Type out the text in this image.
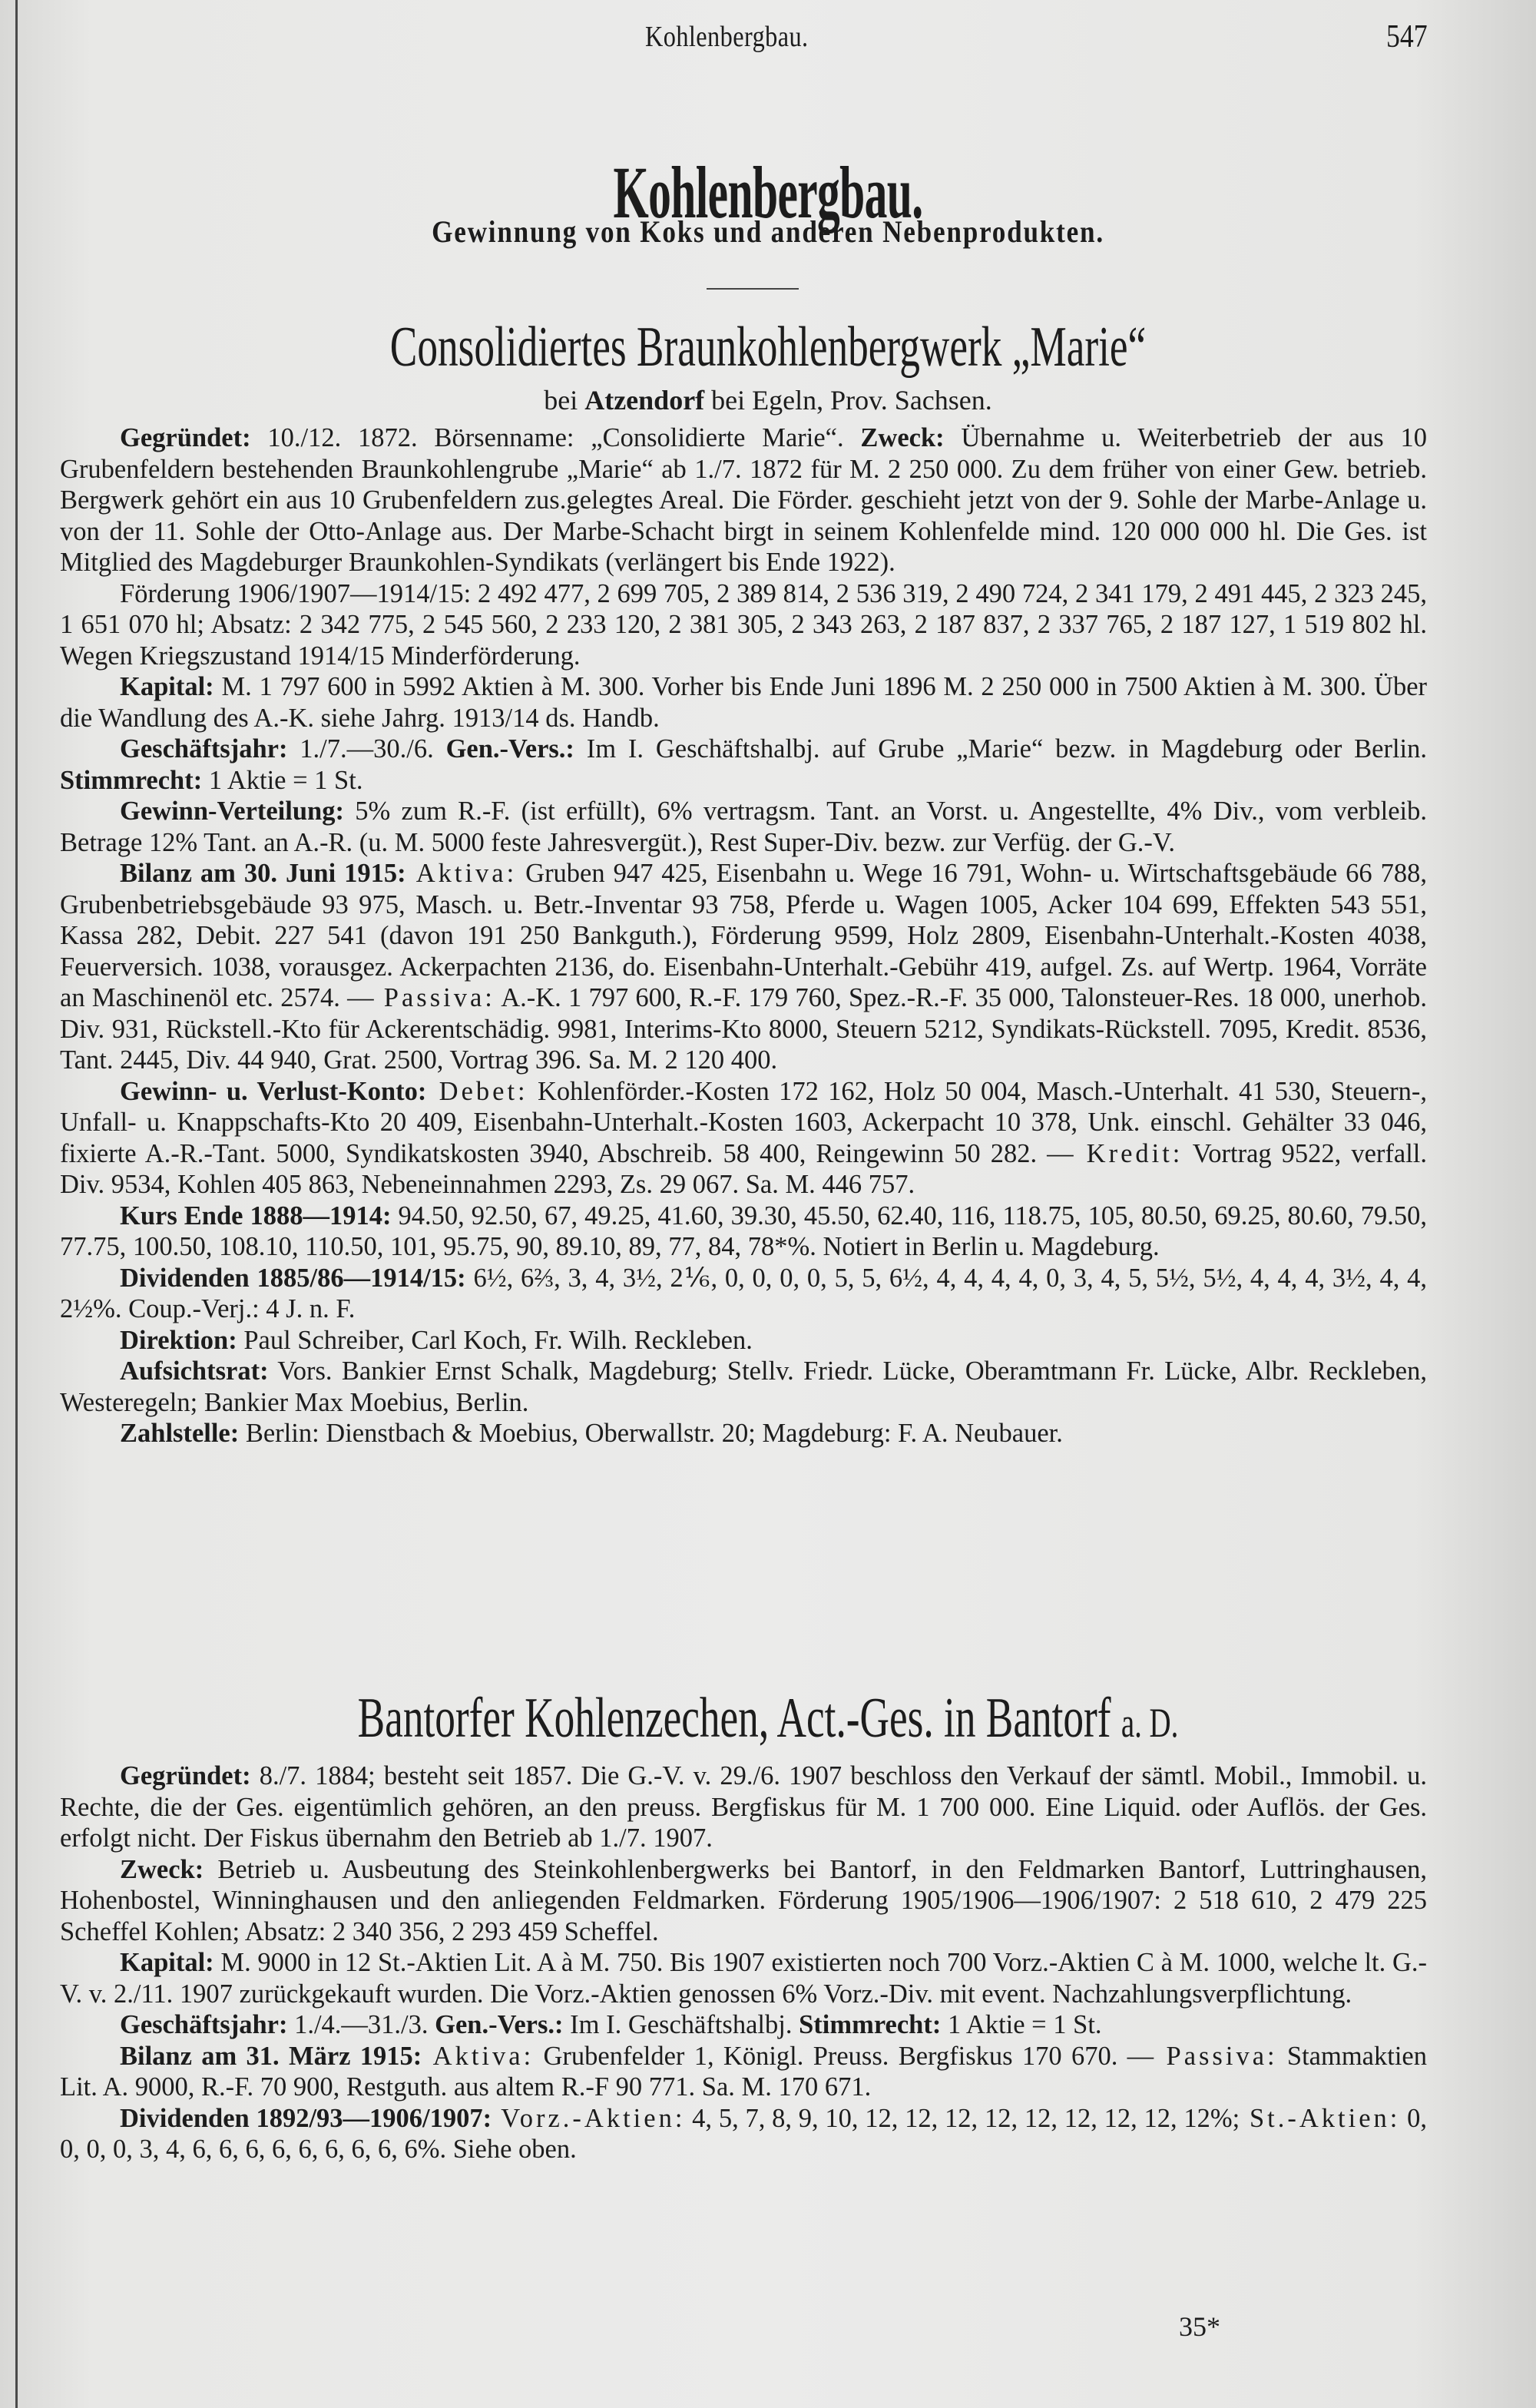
Kohlenbergbau.	547
Kohlenbergbau.
Gewinnung von Koks und anderen Nebenprodukten.
Consolidiertes Braunkohlenbergwerk „Marie“
bei Atzendorf bei Egeln, Prov. Sachsen.

Gegründet: 10./12. 1872. Börsenname: „Consolidierte Marie“. Zweck: Übernahme u. Weiterbetrieb der aus 10 Grubenfeldern bestehenden Braunkohlengrube „Marie“ ab 1./7. 1872 für M. 2 250 000. Zu dem früher von einer Gew. betrieb. Bergwerk gehört ein aus 10 Grubenfeldern zus.gelegtes Areal. Die Förder. geschieht jetzt von der 9. Sohle der Marbe-Anlage u. von der 11. Sohle der Otto-Anlage aus. Der Marbe-Schacht birgt in seinem Kohlenfelde mind. 120 000 000 hl. Die Ges. ist Mitglied des Magdeburger Braunkohlen-Syndikats (verlängert bis Ende 1922).

Förderung 1906/1907—1914/15: 2 492 477, 2 699 705, 2 389 814, 2 536 319, 2 490 724, 2 341 179, 2 491 445, 2 323 245, 1 651 070 hl; Absatz: 2 342 775, 2 545 560, 2 233 120, 2 381 305, 2 343 263, 2 187 837, 2 337 765, 2 187 127, 1 519 802 hl. Wegen Kriegszustand 1914/15 Minderförderung.

Kapital: M. 1 797 600 in 5992 Aktien à M. 300. Vorher bis Ende Juni 1896 M. 2 250 000 in 7500 Aktien à M. 300. Über die Wandlung des A.-K. siehe Jahrg. 1913/14 ds. Handb.

Geschäftsjahr: 1./7.—30./6. Gen.-Vers.: Im I. Geschäftshalbj. auf Grube „Marie“ bezw. in Magdeburg oder Berlin. Stimmrecht: 1 Aktie = 1 St.

Gewinn-Verteilung: 5% zum R.-F. (ist erfüllt), 6% vertragsm. Tant. an Vorst. u. Angestellte, 4% Div., vom verbleib. Betrage 12% Tant. an A.-R. (u. M. 5000 feste Jahresvergüt.), Rest Super-Div. bezw. zur Verfüg. der G.-V.

Bilanz am 30. Juni 1915: Aktiva: Gruben 947 425, Eisenbahn u. Wege 16 791, Wohn- u. Wirtschaftsgebäude 66 788, Grubenbetriebsgebäude 93 975, Masch. u. Betr.-Inventar 93 758, Pferde u. Wagen 1005, Acker 104 699, Effekten 543 551, Kassa 282, Debit. 227 541 (davon 191 250 Bankguth.), Förderung 9599, Holz 2809, Eisenbahn-Unterhalt.-Kosten 4038, Feuerversich. 1038, vorausgez. Ackerpachten 2136, do. Eisenbahn-Unterhalt.-Gebühr 419, aufgel. Zs. auf Wertp. 1964, Vorräte an Maschinenöl etc. 2574. — Passiva: A.-K. 1 797 600, R.-F. 179 760, Spez.-R.-F. 35 000, Talonsteuer-Res. 18 000, unerhob. Div. 931, Rückstell.-Kto für Ackerentschädig. 9981, Interims-Kto 8000, Steuern 5212, Syndikats-Rückstell. 7095, Kredit. 8536, Tant. 2445, Div. 44 940, Grat. 2500, Vortrag 396. Sa. M. 2 120 400.

Gewinn- u. Verlust-Konto: Debet: Kohlenförder.-Kosten 172 162, Holz 50 004, Masch.-Unterhalt. 41 530, Steuern-, Unfall- u. Knappschafts-Kto 20 409, Eisenbahn-Unterhalt.-Kosten 1603, Ackerpacht 10 378, Unk. einschl. Gehälter 33 046, fixierte A.-R.-Tant. 5000, Syndikatskosten 3940, Abschreib. 58 400, Reingewinn 50 282. — Kredit: Vortrag 9522, verfall. Div. 9534, Kohlen 405 863, Nebeneinnahmen 2293, Zs. 29 067. Sa. M. 446 757.

Kurs Ende 1888—1914: 94.50, 92.50, 67, 49.25, 41.60, 39.30, 45.50, 62.40, 116, 118.75, 105, 80.50, 69.25, 80.60, 79.50, 77.75, 100.50, 108.10, 110.50, 101, 95.75, 90, 89.10, 89, 77, 84, 78*%. Notiert in Berlin u. Magdeburg.

Dividenden 1885/86—1914/15: 6½, 6⅔, 3, 4, 3½, 2⅙, 0, 0, 0, 0, 5, 5, 6½, 4, 4, 4, 4, 0, 3, 4, 5, 5½, 5½, 4, 4, 4, 3½, 4, 4, 2½%. Coup.-Verj.: 4 J. n. F.

Direktion: Paul Schreiber, Carl Koch, Fr. Wilh. Reckleben.

Aufsichtsrat: Vors. Bankier Ernst Schalk, Magdeburg; Stellv. Friedr. Lücke, Oberamtmann Fr. Lücke, Albr. Reckleben, Westeregeln; Bankier Max Moebius, Berlin.

Zahlstelle: Berlin: Dienstbach & Moebius, Oberwallstr. 20; Magdeburg: F. A. Neubauer.

Bantorfer Kohlenzechen, Act.-Ges. in Bantorf a. D.

Gegründet: 8./7. 1884; besteht seit 1857. Die G.-V. v. 29./6. 1907 beschloss den Verkauf der sämtl. Mobil., Immobil. u. Rechte, die der Ges. eigentümlich gehören, an den preuss. Bergfiskus für M. 1 700 000. Eine Liquid. oder Auflös. der Ges. erfolgt nicht. Der Fiskus übernahm den Betrieb ab 1./7. 1907.

Zweck: Betrieb u. Ausbeutung des Steinkohlenbergwerks bei Bantorf, in den Feldmarken Bantorf, Luttringhausen, Hohenbostel, Winninghausen und den anliegenden Feldmarken. Förderung 1905/1906—1906/1907: 2 518 610, 2 479 225 Scheffel Kohlen; Absatz: 2 340 356, 2 293 459 Scheffel.

Kapital: M. 9000 in 12 St.-Aktien Lit. A à M. 750. Bis 1907 existierten noch 700 Vorz.-Aktien C à M. 1000, welche lt. G.-V. v. 2./11. 1907 zurückgekauft wurden. Die Vorz.-Aktien genossen 6% Vorz.-Div. mit event. Nachzahlungsverpflichtung.

Geschäftsjahr: 1./4.—31./3. Gen.-Vers.: Im I. Geschäftshalbj. Stimmrecht: 1 Aktie = 1 St.

Bilanz am 31. März 1915: Aktiva: Grubenfelder 1, Königl. Preuss. Bergfiskus 170 670. — Passiva: Stammaktien Lit. A. 9000, R.-F. 70 900, Restguth. aus altem R.-F 90 771. Sa. M. 170 671.

Dividenden 1892/93—1906/1907: Vorz.-Aktien: 4, 5, 7, 8, 9, 10, 12, 12, 12, 12, 12, 12, 12, 12, 12%; St.-Aktien: 0, 0, 0, 0, 3, 4, 6, 6, 6, 6, 6, 6, 6, 6, 6%. Siehe oben.

35*
